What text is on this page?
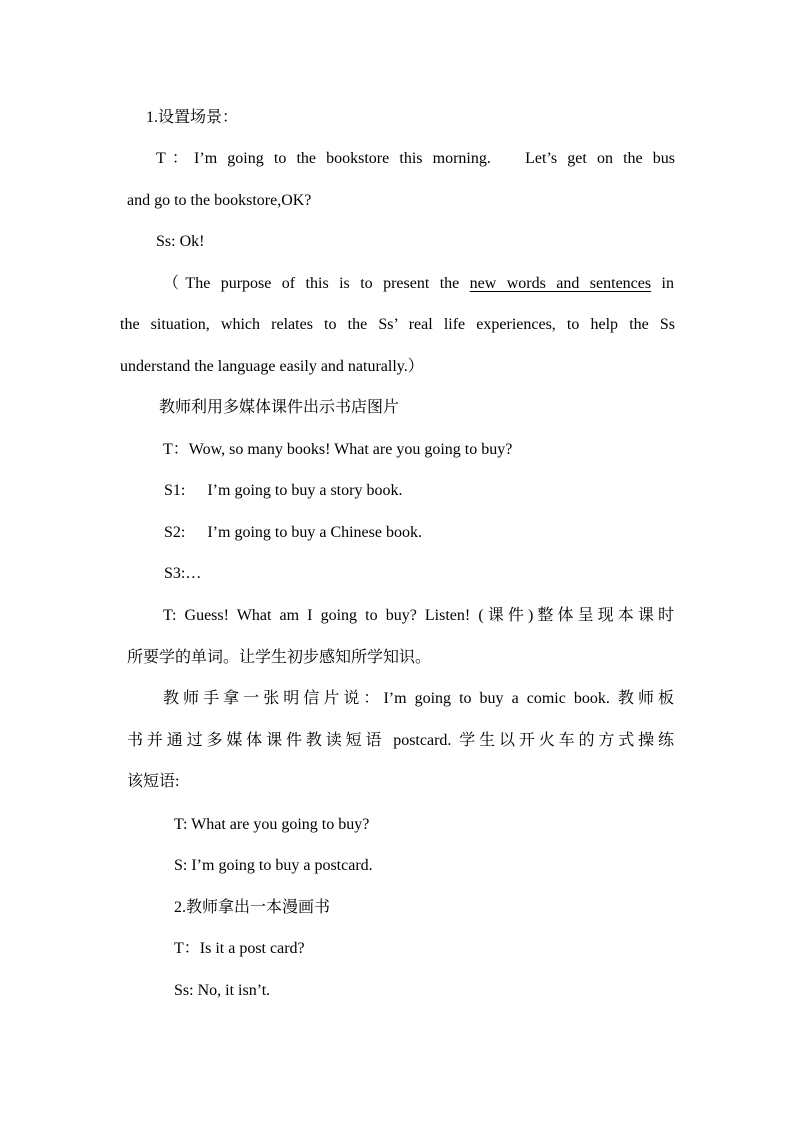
1.设置场景：
T：I’m going to the bookstore this morning. Let’s get on the bus
and go to the bookstore,OK?
Ss: Ok!
（The purpose of this is to present the new words and sentences in
the situation, which relates to the Ss’ real life experiences, to help the Ss
understand the language easily and naturally.）
教师利用多媒体课件出示书店图片
T：Wow, so many books! What are you going to buy?
S1: I’m going to buy a story book.
S2: I’m going to buy a Chinese book.
S3:…
T: Guess! What am I going to buy? Listen! (课件)整体呈现本课时
所要学的单词。让学生初步感知所学知识。
教师手拿一张明信片说：I’m going to buy a comic book. 教师板
书并通过多媒体课件教读短语 postcard. 学生以开火车的方式操练
该短语:
T: What are you going to buy?
S: I’m going to buy a postcard.
2.教师拿出一本漫画书
T：Is it a post card?
Ss: No, it isn’t.
